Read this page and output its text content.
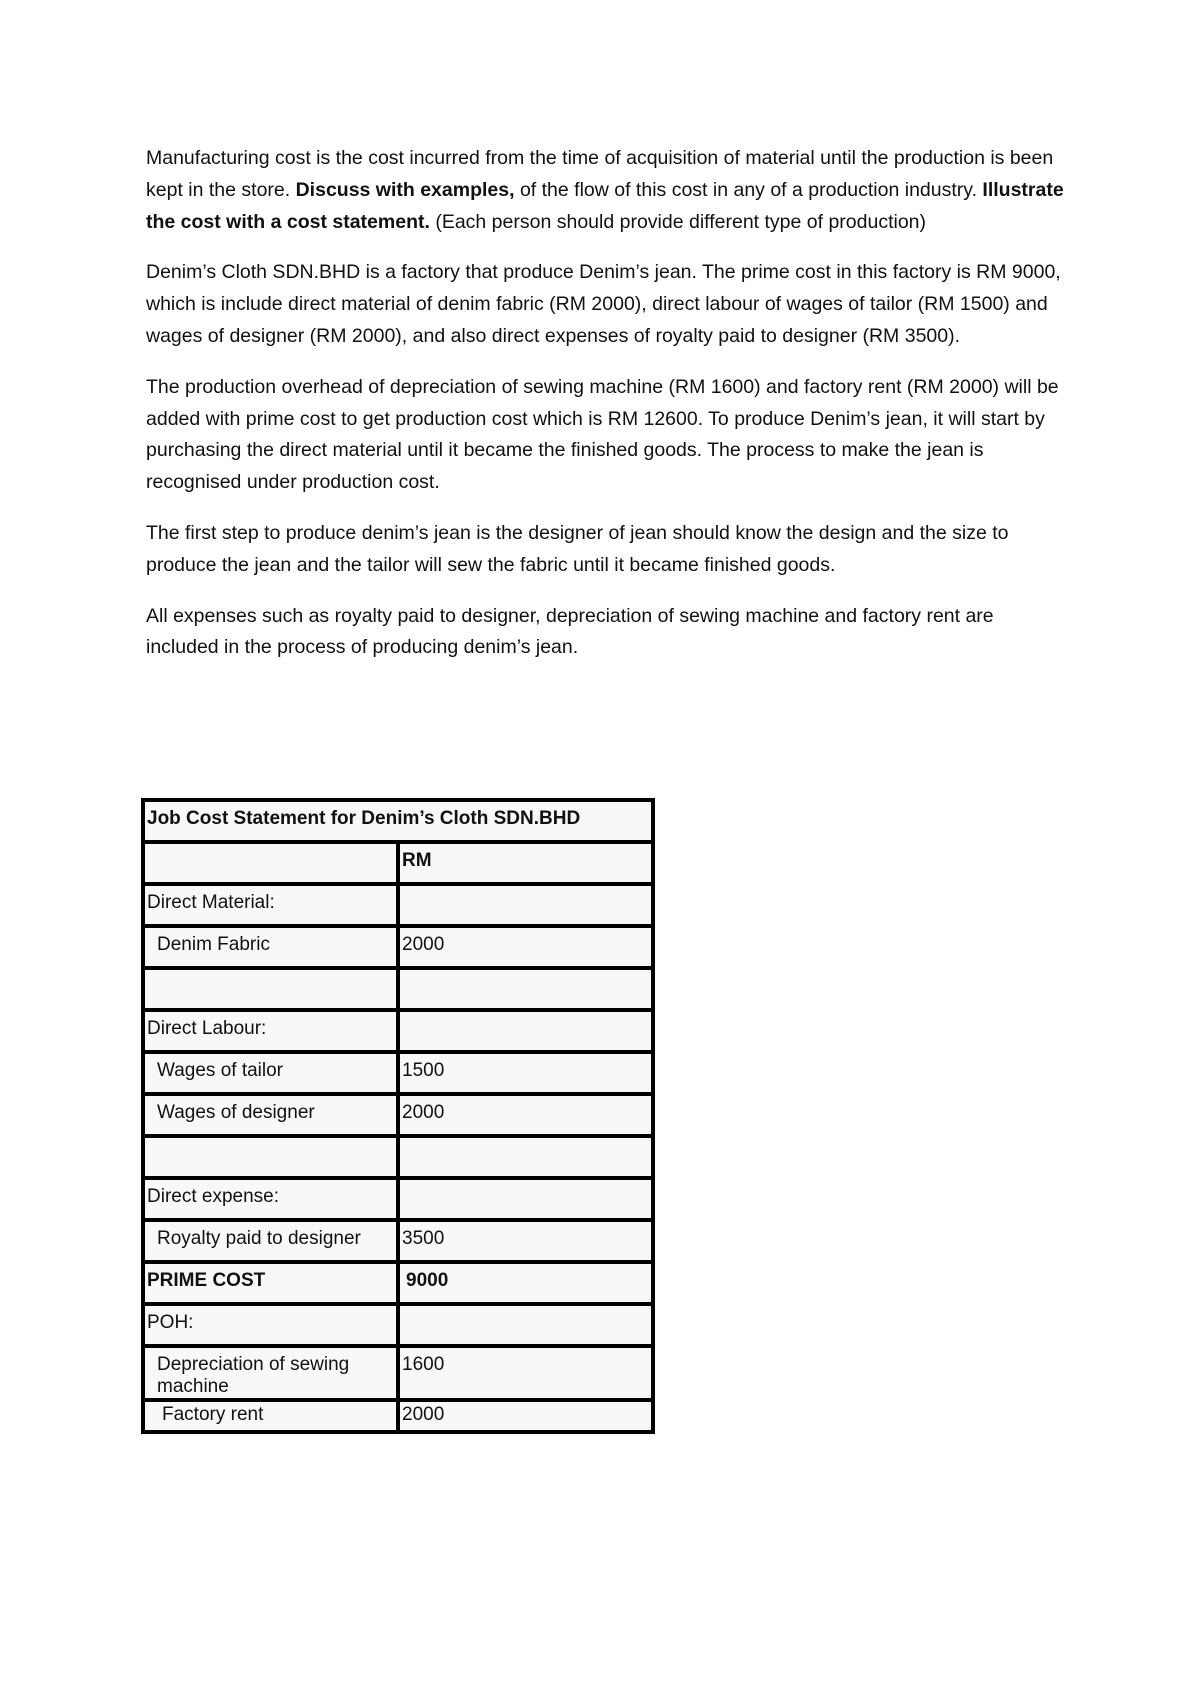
Manufacturing cost is the cost incurred from the time of acquisition of material until the production is been kept in the store. Discuss with examples, of the flow of this cost in any of a production industry. Illustrate the cost with a cost statement. (Each person should provide different type of production)

Denim’s Cloth SDN.BHD is a factory that produce Denim’s jean. The prime cost in this factory is RM 9000, which is include direct material of denim fabric (RM 2000), direct labour of wages of tailor (RM 1500) and wages of designer (RM 2000), and also direct expenses of royalty paid to designer (RM 3500).

The production overhead of depreciation of sewing machine (RM 1600) and factory rent (RM 2000) will be added with prime cost to get production cost which is RM 12600. To produce Denim’s jean, it will start by purchasing the direct material until it became the finished goods. The process to make the jean is recognised under production cost.

The first step to produce denim’s jean is the designer of jean should know the design and the size to produce the jean and the tailor will sew the fabric until it became finished goods.

All expenses such as royalty paid to designer, depreciation of sewing machine and factory rent are included in the process of producing denim’s jean.

Job Cost Statement for Denim’s Cloth SDN.BHD	
	RM
Direct Material:	
Denim Fabric	2000

Direct Labour:	
Wages of tailor	1500
Wages of designer	2000

Direct expense:	
Royalty paid to designer	3500
PRIME COST	9000
POH:	
Depreciation of sewing machine	1600
Factory rent	2000
